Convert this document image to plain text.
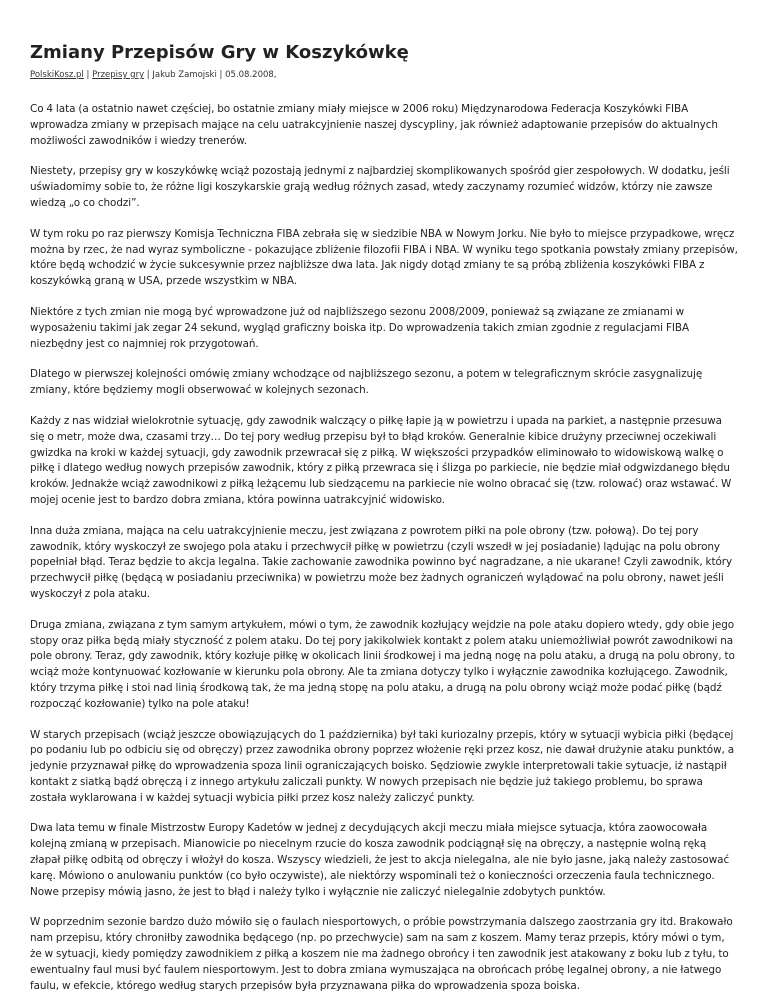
Zmiany Przepisów Gry w Koszykówkę
PolskiKosz.pl | Przepisy gry | Jakub Zamojski | 05.08.2008,

Co 4 lata (a ostatnio nawet częściej, bo ostatnie zmiany miały miejsce w 2006 roku) Międzynarodowa Federacja Koszykówki FIBA wprowadza zmiany w przepisach mające na celu uatrakcyjnienie naszej dyscypliny, jak również adaptowanie przepisów do aktualnych możliwości zawodników i wiedzy trenerów.

Niestety, przepisy gry w koszykówkę wciąż pozostają jednymi z najbardziej skomplikowanych spośród gier zespołowych. W dodatku, jeśli uświadomimy sobie to, że różne ligi koszykarskie grają według różnych zasad, wtedy zaczynamy rozumieć widzów, którzy nie zawsze wiedzą „o co chodzi”.

W tym roku po raz pierwszy Komisja Techniczna FIBA zebrała się w siedzibie NBA w Nowym Jorku. Nie było to miejsce przypadkowe, wręcz można by rzec, że nad wyraz symboliczne - pokazujące zbliżenie filozofii FIBA i NBA. W wyniku tego spotkania powstały zmiany przepisów, które będą wchodzić w życie sukcesywnie przez najbliższe dwa lata. Jak nigdy dotąd zmiany te są próbą zbliżenia koszykówki FIBA z koszykówką graną w USA, przede wszystkim w NBA.

Niektóre z tych zmian nie mogą być wprowadzone już od najbliższego sezonu 2008/2009, ponieważ są związane ze zmianami w wyposażeniu takimi jak zegar 24 sekund, wygląd graficzny boiska itp. Do wprowadzenia takich zmian zgodnie z regulacjami FIBA niezbędny jest co najmniej rok przygotowań.

Dlatego w pierwszej kolejności omówię zmiany wchodzące od najbliższego sezonu, a potem w telegraficznym skrócie zasygnalizuję zmiany, które będziemy mogli obserwować w kolejnych sezonach.

Każdy z nas widział wielokrotnie sytuację, gdy zawodnik walczący o piłkę łapie ją w powietrzu i upada na parkiet, a następnie przesuwa się o metr, może dwa, czasami trzy… Do tej pory według przepisu był to błąd kroków. Generalnie kibice drużyny przeciwnej oczekiwali gwizdka na kroki w każdej sytuacji, gdy zawodnik przewracał się z piłką. W większości przypadków eliminowało to widowiskową walkę o piłkę i dlatego według nowych przepisów zawodnik, który z piłką przewraca się i ślizga po parkiecie, nie będzie miał odgwizdanego błędu kroków. Jednakże wciąż zawodnikowi z piłką leżącemu lub siedzącemu na parkiecie nie wolno obracać się (tzw. rolować) oraz wstawać. W mojej ocenie jest to bardzo dobra zmiana, która powinna uatrakcyjnić widowisko.

Inna duża zmiana, mająca na celu uatrakcyjnienie meczu, jest związana z powrotem piłki na pole obrony (tzw. połową). Do tej pory zawodnik, który wyskoczył ze swojego pola ataku i przechwycił piłkę w powietrzu (czyli wszedł w jej posiadanie) lądując na polu obrony popełniał błąd. Teraz będzie to akcja legalna. Takie zachowanie zawodnika powinno być nagradzane, a nie ukarane! Czyli zawodnik, który przechwycił piłkę (będącą w posiadaniu przeciwnika) w powietrzu może bez żadnych ograniczeń wylądować na polu obrony, nawet jeśli wyskoczył z pola ataku.

Druga zmiana, związana z tym samym artykułem, mówi o tym, że zawodnik kozłujący wejdzie na pole ataku dopiero wtedy, gdy obie jego stopy oraz piłka będą miały styczność z polem ataku. Do tej pory jakikolwiek kontakt z polem ataku uniemożliwiał powrót zawodnikowi na pole obrony. Teraz, gdy zawodnik, który kozłuje piłkę w okolicach linii środkowej i ma jedną nogę na polu ataku, a drugą na polu obrony, to wciąż może kontynuować kozłowanie w kierunku pola obrony. Ale ta zmiana dotyczy tylko i wyłącznie zawodnika kozłującego. Zawodnik, który trzyma piłkę i stoi nad linią środkową tak, że ma jedną stopę na polu ataku, a drugą na polu obrony wciąż może podać piłkę (bądź rozpocząć kozłowanie) tylko na pole ataku!

W starych przepisach (wciąż jeszcze obowiązujących do 1 października) był taki kuriozalny przepis, który w sytuacji wybicia piłki (będącej po podaniu lub po odbiciu się od obręczy) przez zawodnika obrony poprzez włożenie ręki przez kosz, nie dawał drużynie ataku punktów, a jedynie przyznawał piłkę do wprowadzenia spoza linii ograniczających boisko. Sędziowie zwykle interpretowali takie sytuacje, iż nastąpił kontakt z siatką bądź obręczą i z innego artykułu zaliczali punkty. W nowych przepisach nie będzie już takiego problemu, bo sprawa została wyklarowana i w każdej sytuacji wybicia piłki przez kosz należy zaliczyć punkty.

Dwa lata temu w finale Mistrzostw Europy Kadetów w jednej z decydujących akcji meczu miała miejsce sytuacja, która zaowocowała kolejną zmianą w przepisach. Mianowicie po niecelnym rzucie do kosza zawodnik podciągnął się na obręczy, a następnie wolną ręką złapał piłkę odbitą od obręczy i włożył do kosza. Wszyscy wiedzieli, że jest to akcja nielegalna, ale nie było jasne, jaką należy zastosować karę. Mówiono o anulowaniu punktów (co było oczywiste), ale niektórzy wspominali też o konieczności orzeczenia faula technicznego. Nowe przepisy mówią jasno, że jest to błąd i należy tylko i wyłącznie nie zaliczyć nielegalnie zdobytych punktów.

W poprzednim sezonie bardzo dużo mówiło się o faulach niesportowych, o próbie powstrzymania dalszego zaostrzania gry itd. Brakowało nam przepisu, który chroniłby zawodnika będącego (np. po przechwycie) sam na sam z koszem. Mamy teraz przepis, który mówi o tym, że w sytuacji, kiedy pomiędzy zawodnikiem z piłką a koszem nie ma żadnego obrońcy i ten zawodnik jest atakowany z boku lub z tyłu, to ewentualny faul musi być faulem niesportowym. Jest to dobra zmiana wymuszająca na obrońcach próbę legalnej obrony, a nie łatwego faulu, w efekcie, którego według starych przepisów była przyznawana piłka do wprowadzenia spoza boiska.
